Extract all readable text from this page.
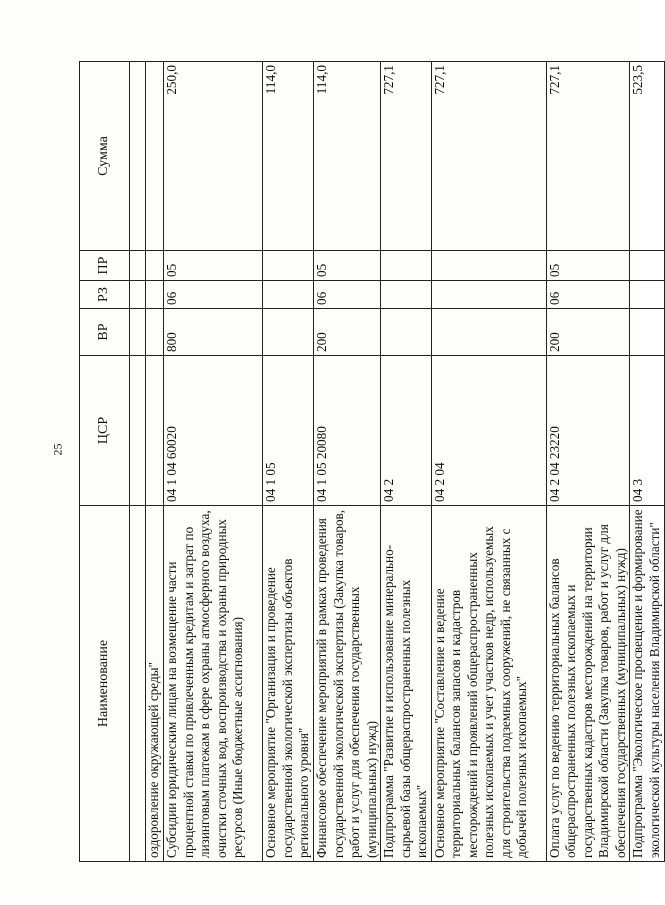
25
Наименование	ЦСР	ВР	РЗ	ПР	Сумма

оздоровление окружающей среды"					
Субсидии юридическим лицам на возмещение части процентной ставки по привлеченным кредитам и затрат по лизинговым платежам в сфере охраны атмосферного воздуха, очистки сточных вод, воспроизводства и охраны природных ресурсов (Иные бюджетные ассигнования)	04 1 04 60020	800	06	05	250,0
Основное мероприятие "Организация и проведение государственной экологической экспертизы объектов регионального уровня"	04 1 05				114,0
Финансовое обеспечение мероприятий в рамках проведения государственной экологической экспертизы (Закупка товаров, работ и услуг для обеспечения государственных (муниципальных) нужд)	04 1 05 20080	200	06	05	114,0
Подпрограмма "Развитие и использование минерально-сырьевой базы общераспространенных полезных ископаемых"	04 2				727,1
Основное мероприятие "Составление и ведение территориальных балансов запасов и кадастров месторождений и проявлений общераспространенных полезных ископаемых и учет участков недр, используемых для строительства подземных сооружений, не связанных с добычей полезных ископаемых"	04 2 04				727,1
Оплата услуг по ведению территориальных балансов общераспространенных полезных ископаемых и государственных кадастров месторождений на территории Владимирской области (Закупка товаров, работ и услуг для обеспечения государственных (муниципальных) нужд)	04 2 04 23220	200	06	05	727,1
Подпрограмма "Экологическое просвещение и формирование экологической культуры населения Владимирской области"	04 3				523,5
